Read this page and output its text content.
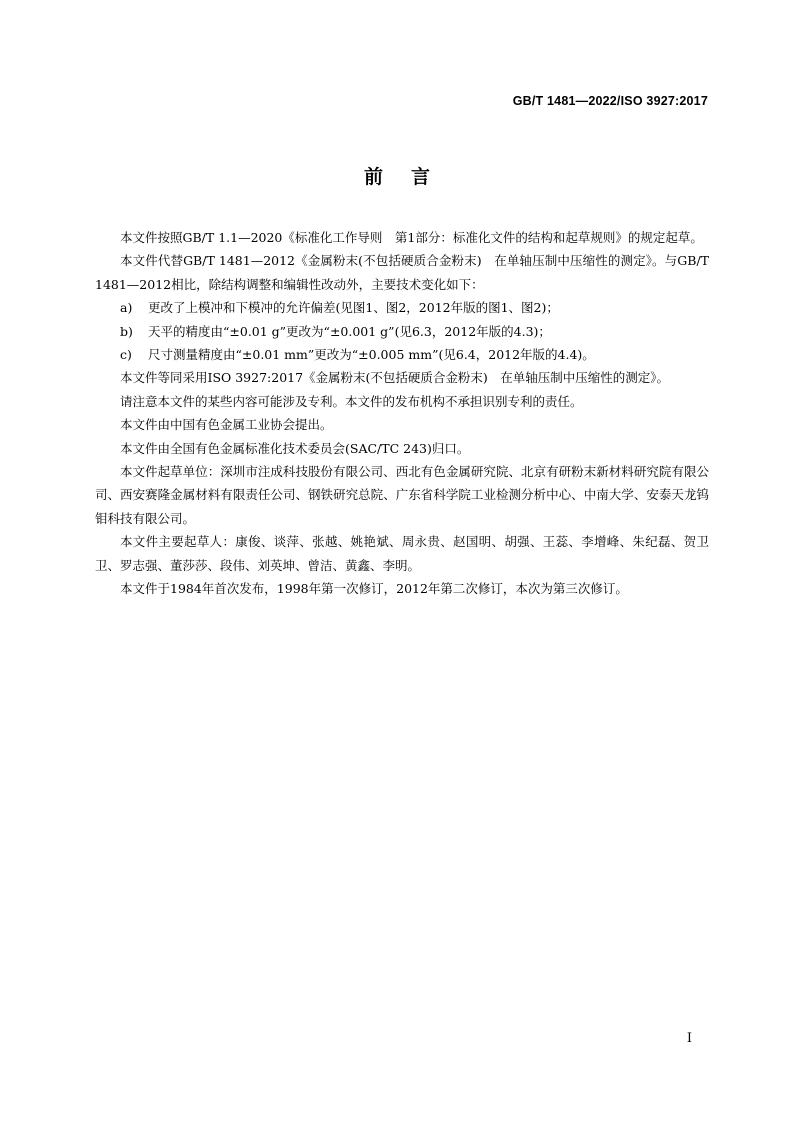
GB/T 1481—2022/ISO 3927:2017
前言

本文件按照GB/T 1.1—2020《标准化工作导则　第1部分：标准化文件的结构和起草规则》的规定起草。

本文件代替GB/T 1481—2012《金属粉末(不包括硬质合金粉末)　在单轴压制中压缩性的测定》。与GB/T 1481—2012相比，除结构调整和编辑性改动外，主要技术变化如下：

a) 更改了上模冲和下模冲的允许偏差(见图1、图2，2012年版的图1、图2)；

b) 天平的精度由“±0.01 g”更改为“±0.001 g”(见6.3，2012年版的4.3)；

c) 尺寸测量精度由“±0.01 mm”更改为“±0.005 mm”(见6.4，2012年版的4.4)。

本文件等同采用ISO 3927:2017《金属粉末(不包括硬质合金粉末)　在单轴压制中压缩性的测定》。

请注意本文件的某些内容可能涉及专利。本文件的发布机构不承担识别专利的责任。

本文件由中国有色金属工业协会提出。

本文件由全国有色金属标准化技术委员会(SAC/TC 243)归口。

本文件起草单位：深圳市注成科技股份有限公司、西北有色金属研究院、北京有研粉末新材料研究院有限公司、西安赛隆金属材料有限责任公司、钢铁研究总院、广东省科学院工业检测分析中心、中南大学、安泰天龙钨钼科技有限公司。

本文件主要起草人：康俊、谈萍、张越、姚艳斌、周永贵、赵国明、胡强、王蕊、李增峰、朱纪磊、贺卫卫、罗志强、董莎莎、段伟、刘英坤、曾洁、黄鑫、李明。

本文件于1984年首次发布，1998年第一次修订，2012年第二次修订，本次为第三次修订。

I
